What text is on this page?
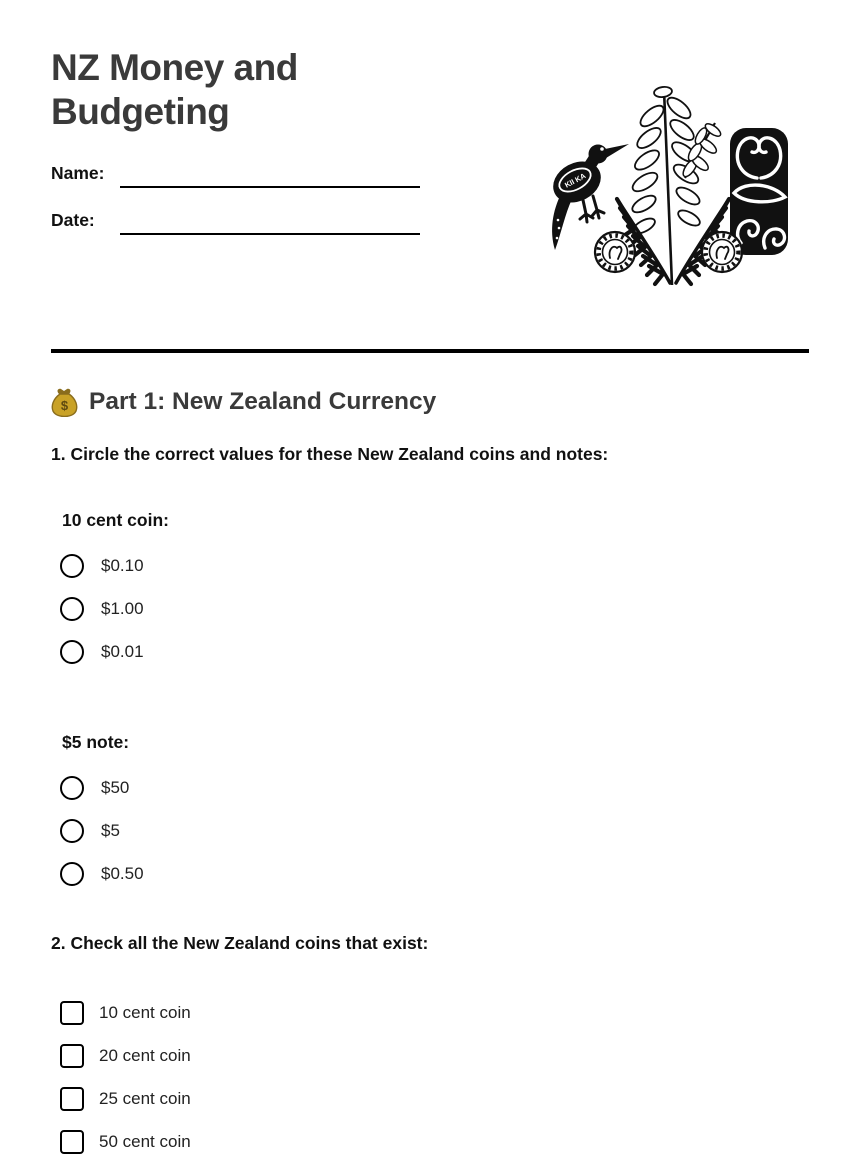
NZ Money and Budgeting
Name:
Date:
KII KA
$ Part 1: New Zealand Currency
1. Circle the correct values for these New Zealand coins and notes:
10 cent coin:
$0.10
$1.00
$0.01
$5 note:
$50
$5
$0.50
2. Check all the New Zealand coins that exist:
10 cent coin
20 cent coin
25 cent coin
50 cent coin
